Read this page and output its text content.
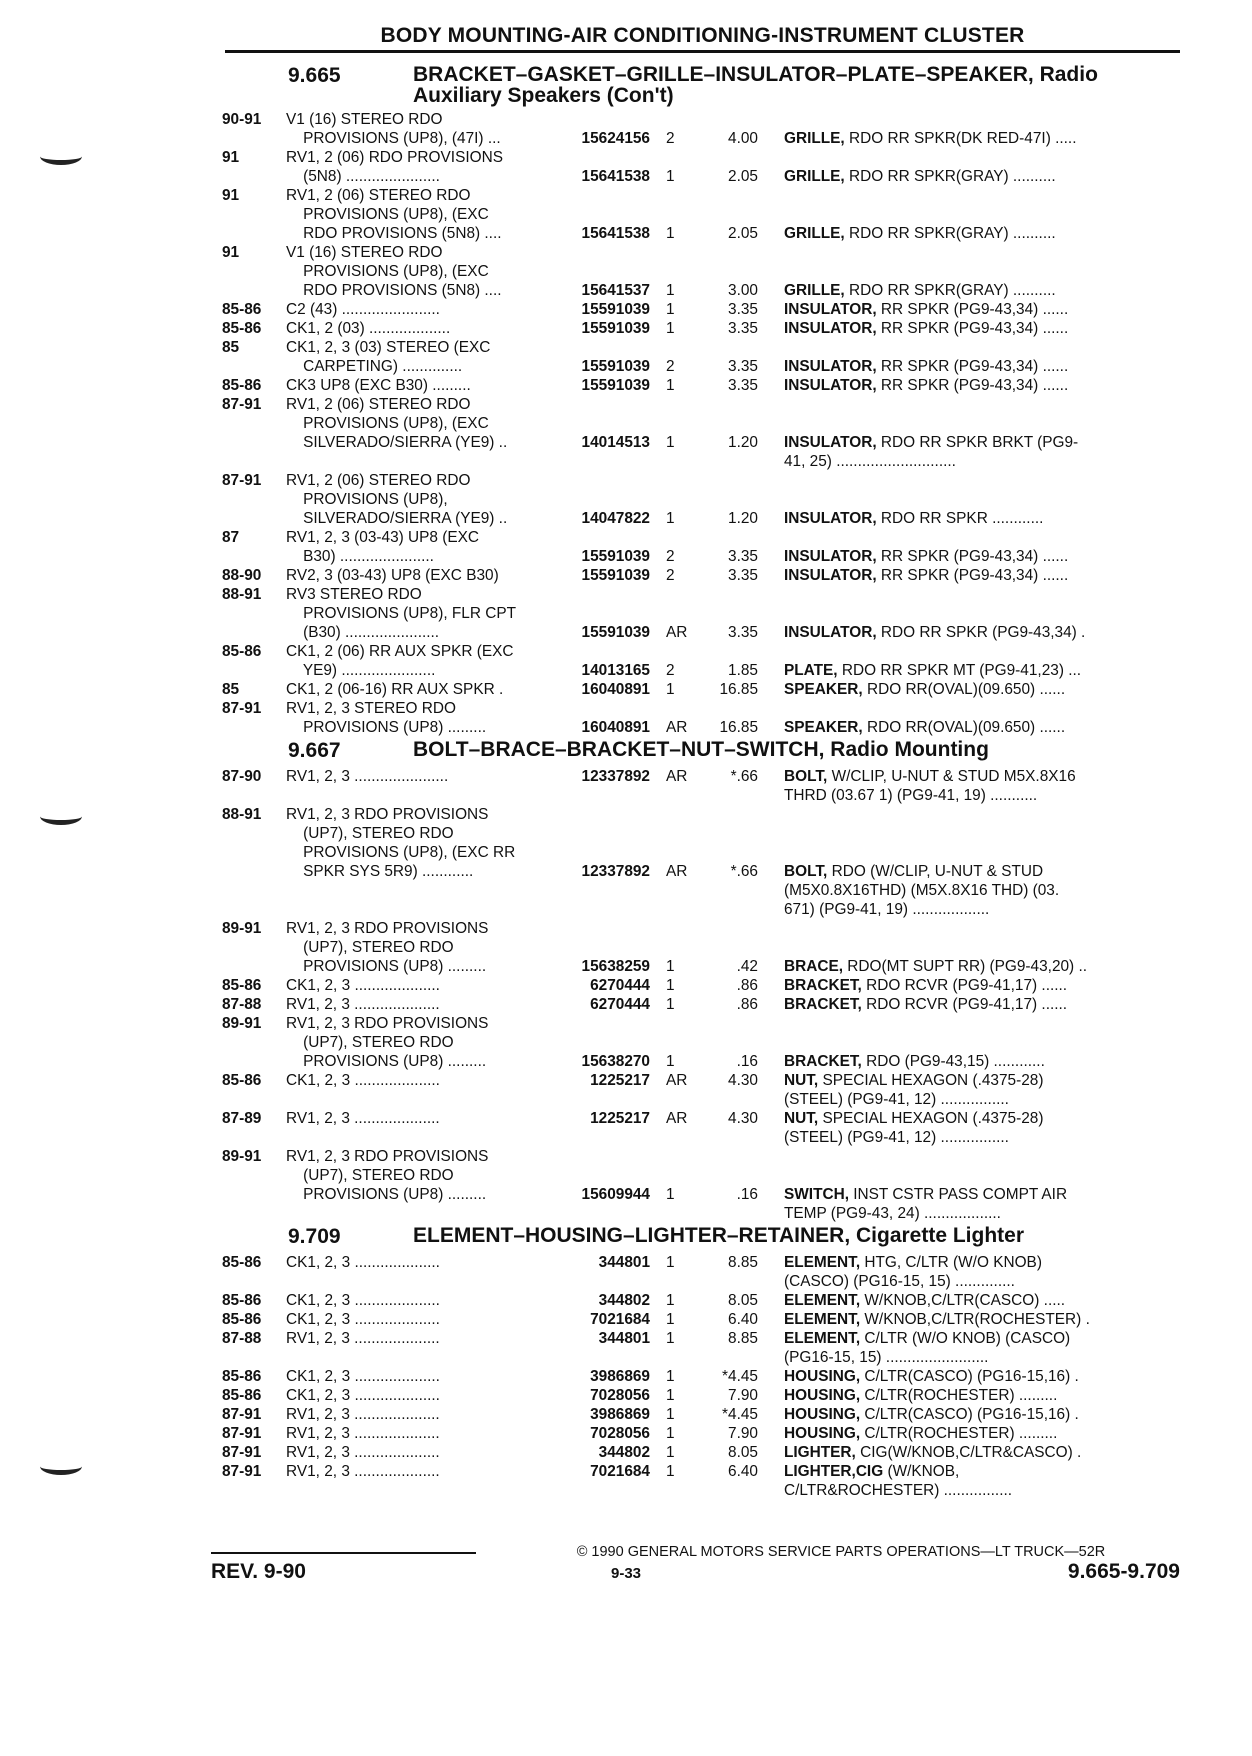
BODY MOUNTING-AIR CONDITIONING-INSTRUMENT CLUSTER
9.665	BRACKET–GASKET–GRILLE–INSULATOR–PLATE–SPEAKER, Radio
Auxiliary Speakers (Con't)
90-91	V1 (16) STEREO RDO
PROVISIONS (UP8), (47I) ...	15624156	2	4.00	GRILLE, RDO RR SPKR(DK RED-47I) .....
91	RV1, 2 (06) RDO PROVISIONS
(5N8) ......................	15641538	1	2.05	GRILLE, RDO RR SPKR(GRAY) ..........
91	RV1, 2 (06) STEREO RDO
PROVISIONS (UP8), (EXC
RDO PROVISIONS (5N8) ....	15641538	1	2.05	GRILLE, RDO RR SPKR(GRAY) ..........
91	V1 (16) STEREO RDO
PROVISIONS (UP8), (EXC
RDO PROVISIONS (5N8) ....	15641537	1	3.00	GRILLE, RDO RR SPKR(GRAY) ..........
85-86	C2 (43) .......................	15591039	1	3.35	INSULATOR, RR SPKR (PG9-43,34) ......
85-86	CK1, 2 (03) ...................	15591039	1	3.35	INSULATOR, RR SPKR (PG9-43,34) ......
85	CK1, 2, 3 (03) STEREO (EXC
CARPETING) ..............	15591039	2	3.35	INSULATOR, RR SPKR (PG9-43,34) ......
85-86	CK3 UP8 (EXC B30) .........	15591039	1	3.35	INSULATOR, RR SPKR (PG9-43,34) ......
87-91	RV1, 2 (06) STEREO RDO
PROVISIONS (UP8), (EXC
SILVERADO/SIERRA (YE9) ..	14014513	1	1.20	INSULATOR, RDO RR SPKR BRKT (PG9-
41, 25) ............................
87-91	RV1, 2 (06) STEREO RDO
PROVISIONS (UP8),
SILVERADO/SIERRA (YE9) ..	14047822	1	1.20	INSULATOR, RDO RR SPKR ............
87	RV1, 2, 3 (03-43) UP8 (EXC
B30) ......................	15591039	2	3.35	INSULATOR, RR SPKR (PG9-43,34) ......
88-90	RV2, 3 (03-43) UP8 (EXC B30)	15591039	2	3.35	INSULATOR, RR SPKR (PG9-43,34) ......
88-91	RV3 STEREO RDO
PROVISIONS (UP8), FLR CPT
(B30) ......................	15591039	AR	3.35	INSULATOR, RDO RR SPKR (PG9-43,34) .
85-86	CK1, 2 (06) RR AUX SPKR (EXC
YE9) ......................	14013165	2	1.85	PLATE, RDO RR SPKR MT (PG9-41,23) ...
85	CK1, 2 (06-16) RR AUX SPKR .	16040891	1	16.85	SPEAKER, RDO RR(OVAL)(09.650) ......
87-91	RV1, 2, 3 STEREO RDO
PROVISIONS (UP8) .........	16040891	AR	16.85	SPEAKER, RDO RR(OVAL)(09.650) ......
9.667	BOLT–BRACE–BRACKET–NUT–SWITCH, Radio Mounting
87-90	RV1, 2, 3 ......................	12337892	AR	*.66	BOLT, W/CLIP, U-NUT & STUD M5X.8X16
THRD (03.67 1) (PG9-41, 19) ...........
88-91	RV1, 2, 3 RDO PROVISIONS
(UP7), STEREO RDO
PROVISIONS (UP8), (EXC RR
SPKR SYS 5R9) ............	12337892	AR	*.66	BOLT, RDO (W/CLIP, U-NUT & STUD
(M5X0.8X16THD) (M5X.8X16 THD) (03.
671) (PG9-41, 19) ..................
89-91	RV1, 2, 3 RDO PROVISIONS
(UP7), STEREO RDO
PROVISIONS (UP8) .........	15638259	1	.42	BRACE, RDO(MT SUPT RR) (PG9-43,20) ..
85-86	CK1, 2, 3 ....................	6270444	1	.86	BRACKET, RDO RCVR (PG9-41,17) ......
87-88	RV1, 2, 3 ....................	6270444	1	.86	BRACKET, RDO RCVR (PG9-41,17) ......
89-91	RV1, 2, 3 RDO PROVISIONS
(UP7), STEREO RDO
PROVISIONS (UP8) .........	15638270	1	.16	BRACKET, RDO (PG9-43,15) ............
85-86	CK1, 2, 3 ....................	1225217	AR	4.30	NUT, SPECIAL HEXAGON (.4375-28)
(STEEL) (PG9-41, 12) ................
87-89	RV1, 2, 3 ....................	1225217	AR	4.30	NUT, SPECIAL HEXAGON (.4375-28)
(STEEL) (PG9-41, 12) ................
89-91	RV1, 2, 3 RDO PROVISIONS
(UP7), STEREO RDO
PROVISIONS (UP8) .........	15609944	1	.16	SWITCH, INST CSTR PASS COMPT AIR
TEMP (PG9-43, 24) ..................
9.709	ELEMENT–HOUSING–LIGHTER–RETAINER, Cigarette Lighter
85-86	CK1, 2, 3 ....................	344801	1	8.85	ELEMENT, HTG, C/LTR (W/O KNOB)
(CASCO) (PG16-15, 15) ..............
85-86	CK1, 2, 3 ....................	344802	1	8.05	ELEMENT, W/KNOB,C/LTR(CASCO) .....
85-86	CK1, 2, 3 ....................	7021684	1	6.40	ELEMENT, W/KNOB,C/LTR(ROCHESTER) .
87-88	RV1, 2, 3 ....................	344801	1	8.85	ELEMENT, C/LTR (W/O KNOB) (CASCO)
(PG16-15, 15) ........................
85-86	CK1, 2, 3 ....................	3986869	1	*4.45	HOUSING, C/LTR(CASCO) (PG16-15,16) .
85-86	CK1, 2, 3 ....................	7028056	1	7.90	HOUSING, C/LTR(ROCHESTER) .........
87-91	RV1, 2, 3 ....................	3986869	1	*4.45	HOUSING, C/LTR(CASCO) (PG16-15,16) .
87-91	RV1, 2, 3 ....................	7028056	1	7.90	HOUSING, C/LTR(ROCHESTER) .........
87-91	RV1, 2, 3 ....................	344802	1	8.05	LIGHTER, CIG(W/KNOB,C/LTR&CASCO) .
87-91	RV1, 2, 3 ....................	7021684	1	6.40	LIGHTER,CIG (W/KNOB,
C/LTR&ROCHESTER) ................
© 1990 GENERAL MOTORS SERVICE PARTS OPERATIONS—LT TRUCK—52R
REV. 9-90	9-33	9.665-9.709
